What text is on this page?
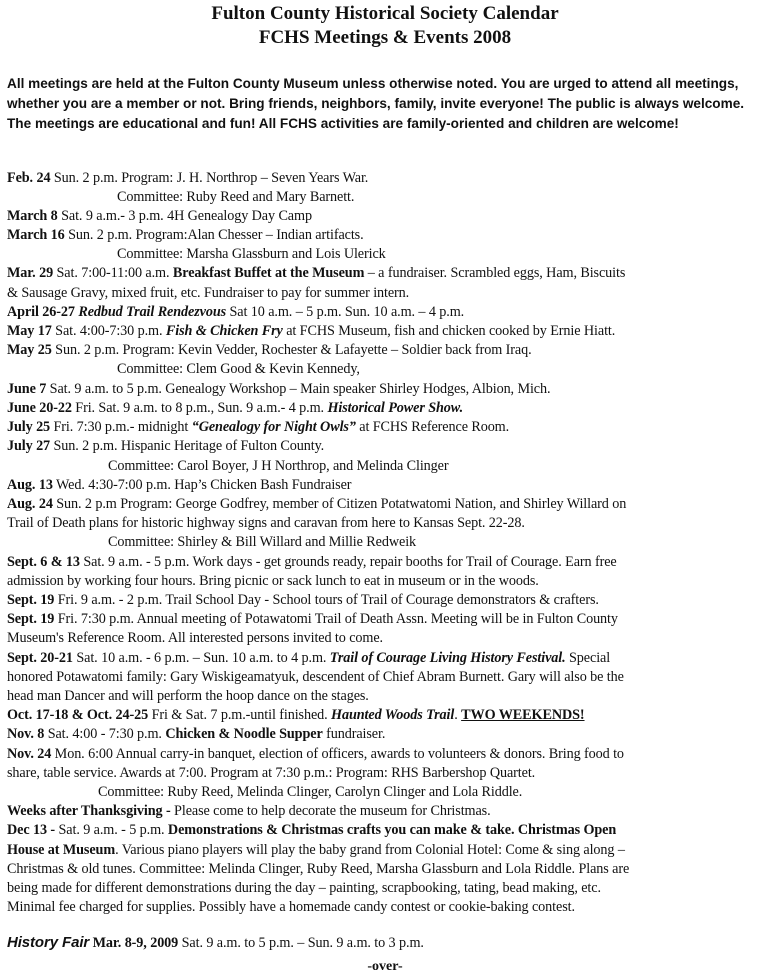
Fulton County Historical Society Calendar
FCHS Meetings & Events 2008
All meetings are held at the Fulton County Museum unless otherwise noted. You are urged to attend all meetings, whether you are a member or not. Bring friends, neighbors, family, invite everyone! The public is always welcome. The meetings are educational and fun! All FCHS activities are family-oriented and children are welcome!
Feb. 24 Sun. 2 p.m. Program: J. H. Northrop – Seven Years War.
Committee: Ruby Reed and Mary Barnett.
March 8 Sat. 9 a.m.- 3 p.m. 4H Genealogy Day Camp
March 16 Sun. 2 p.m. Program:Alan Chesser – Indian artifacts.
Committee: Marsha Glassburn and Lois Ulerick
Mar. 29 Sat. 7:00-11:00 a.m. Breakfast Buffet at the Museum – a fundraiser. Scrambled eggs, Ham, Biscuits
& Sausage Gravy, mixed fruit, etc. Fundraiser to pay for summer intern.
April 26-27 Redbud Trail Rendezvous Sat 10 a.m. – 5 p.m. Sun. 10 a.m. – 4 p.m.
May 17 Sat. 4:00-7:30 p.m. Fish & Chicken Fry at FCHS Museum, fish and chicken cooked by Ernie Hiatt.
May 25 Sun. 2 p.m. Program: Kevin Vedder, Rochester & Lafayette – Soldier back from Iraq.
Committee: Clem Good & Kevin Kennedy,
June 7 Sat. 9 a.m. to 5 p.m. Genealogy Workshop – Main speaker Shirley Hodges, Albion, Mich.
June 20-22 Fri. Sat. 9 a.m. to 8 p.m., Sun. 9 a.m.- 4 p.m. Historical Power Show.
July 25 Fri. 7:30 p.m.- midnight “Genealogy for Night Owls” at FCHS Reference Room.
July 27 Sun. 2 p.m. Hispanic Heritage of Fulton County.
Committee: Carol Boyer, J H Northrop, and Melinda Clinger
Aug. 13 Wed. 4:30-7:00 p.m. Hap’s Chicken Bash Fundraiser
Aug. 24 Sun. 2 p.m Program: George Godfrey, member of Citizen Potatwatomi Nation, and Shirley Willard on
Trail of Death plans for historic highway signs and caravan from here to Kansas Sept. 22-28.
Committee: Shirley & Bill Willard and Millie Redweik
Sept. 6 & 13 Sat. 9 a.m. - 5 p.m. Work days - get grounds ready, repair booths for Trail of Courage. Earn free
admission by working four hours. Bring picnic or sack lunch to eat in museum or in the woods.
Sept. 19 Fri. 9 a.m. - 2 p.m. Trail School Day - School tours of Trail of Courage demonstrators & crafters.
Sept. 19 Fri. 7:30 p.m. Annual meeting of Potawatomi Trail of Death Assn. Meeting will be in Fulton County
Museum's Reference Room. All interested persons invited to come.
Sept. 20-21 Sat. 10 a.m. - 6 p.m. – Sun. 10 a.m. to 4 p.m. Trail of Courage Living History Festival. Special
honored Potawatomi family: Gary Wiskigeamatyuk, descendent of Chief Abram Burnett. Gary will also be the
head man Dancer and will perform the hoop dance on the stages.
Oct. 17-18 & Oct. 24-25 Fri & Sat. 7 p.m.-until finished. Haunted Woods Trail. TWO WEEKENDS!
Nov. 8 Sat. 4:00 - 7:30 p.m. Chicken & Noodle Supper fundraiser.
Nov. 24 Mon. 6:00 Annual carry-in banquet, election of officers, awards to volunteers & donors. Bring food to
share, table service. Awards at 7:00. Program at 7:30 p.m.: Program: RHS Barbershop Quartet.
Committee: Ruby Reed, Melinda Clinger, Carolyn Clinger and Lola Riddle.
Weeks after Thanksgiving - Please come to help decorate the museum for Christmas.
Dec 13 - Sat. 9 a.m. - 5 p.m. Demonstrations & Christmas crafts you can make & take. Christmas Open
House at Museum. Various piano players will play the baby grand from Colonial Hotel: Come & sing along –
Christmas & old tunes. Committee: Melinda Clinger, Ruby Reed, Marsha Glassburn and Lola Riddle. Plans are
being made for different demonstrations during the day – painting, scrapbooking, tating, bead making, etc.
Minimal fee charged for supplies. Possibly have a homemade candy contest or cookie-baking contest.
History Fair Mar. 8-9, 2009 Sat. 9 a.m. to 5 p.m. – Sun. 9 a.m. to 3 p.m.
-over-
